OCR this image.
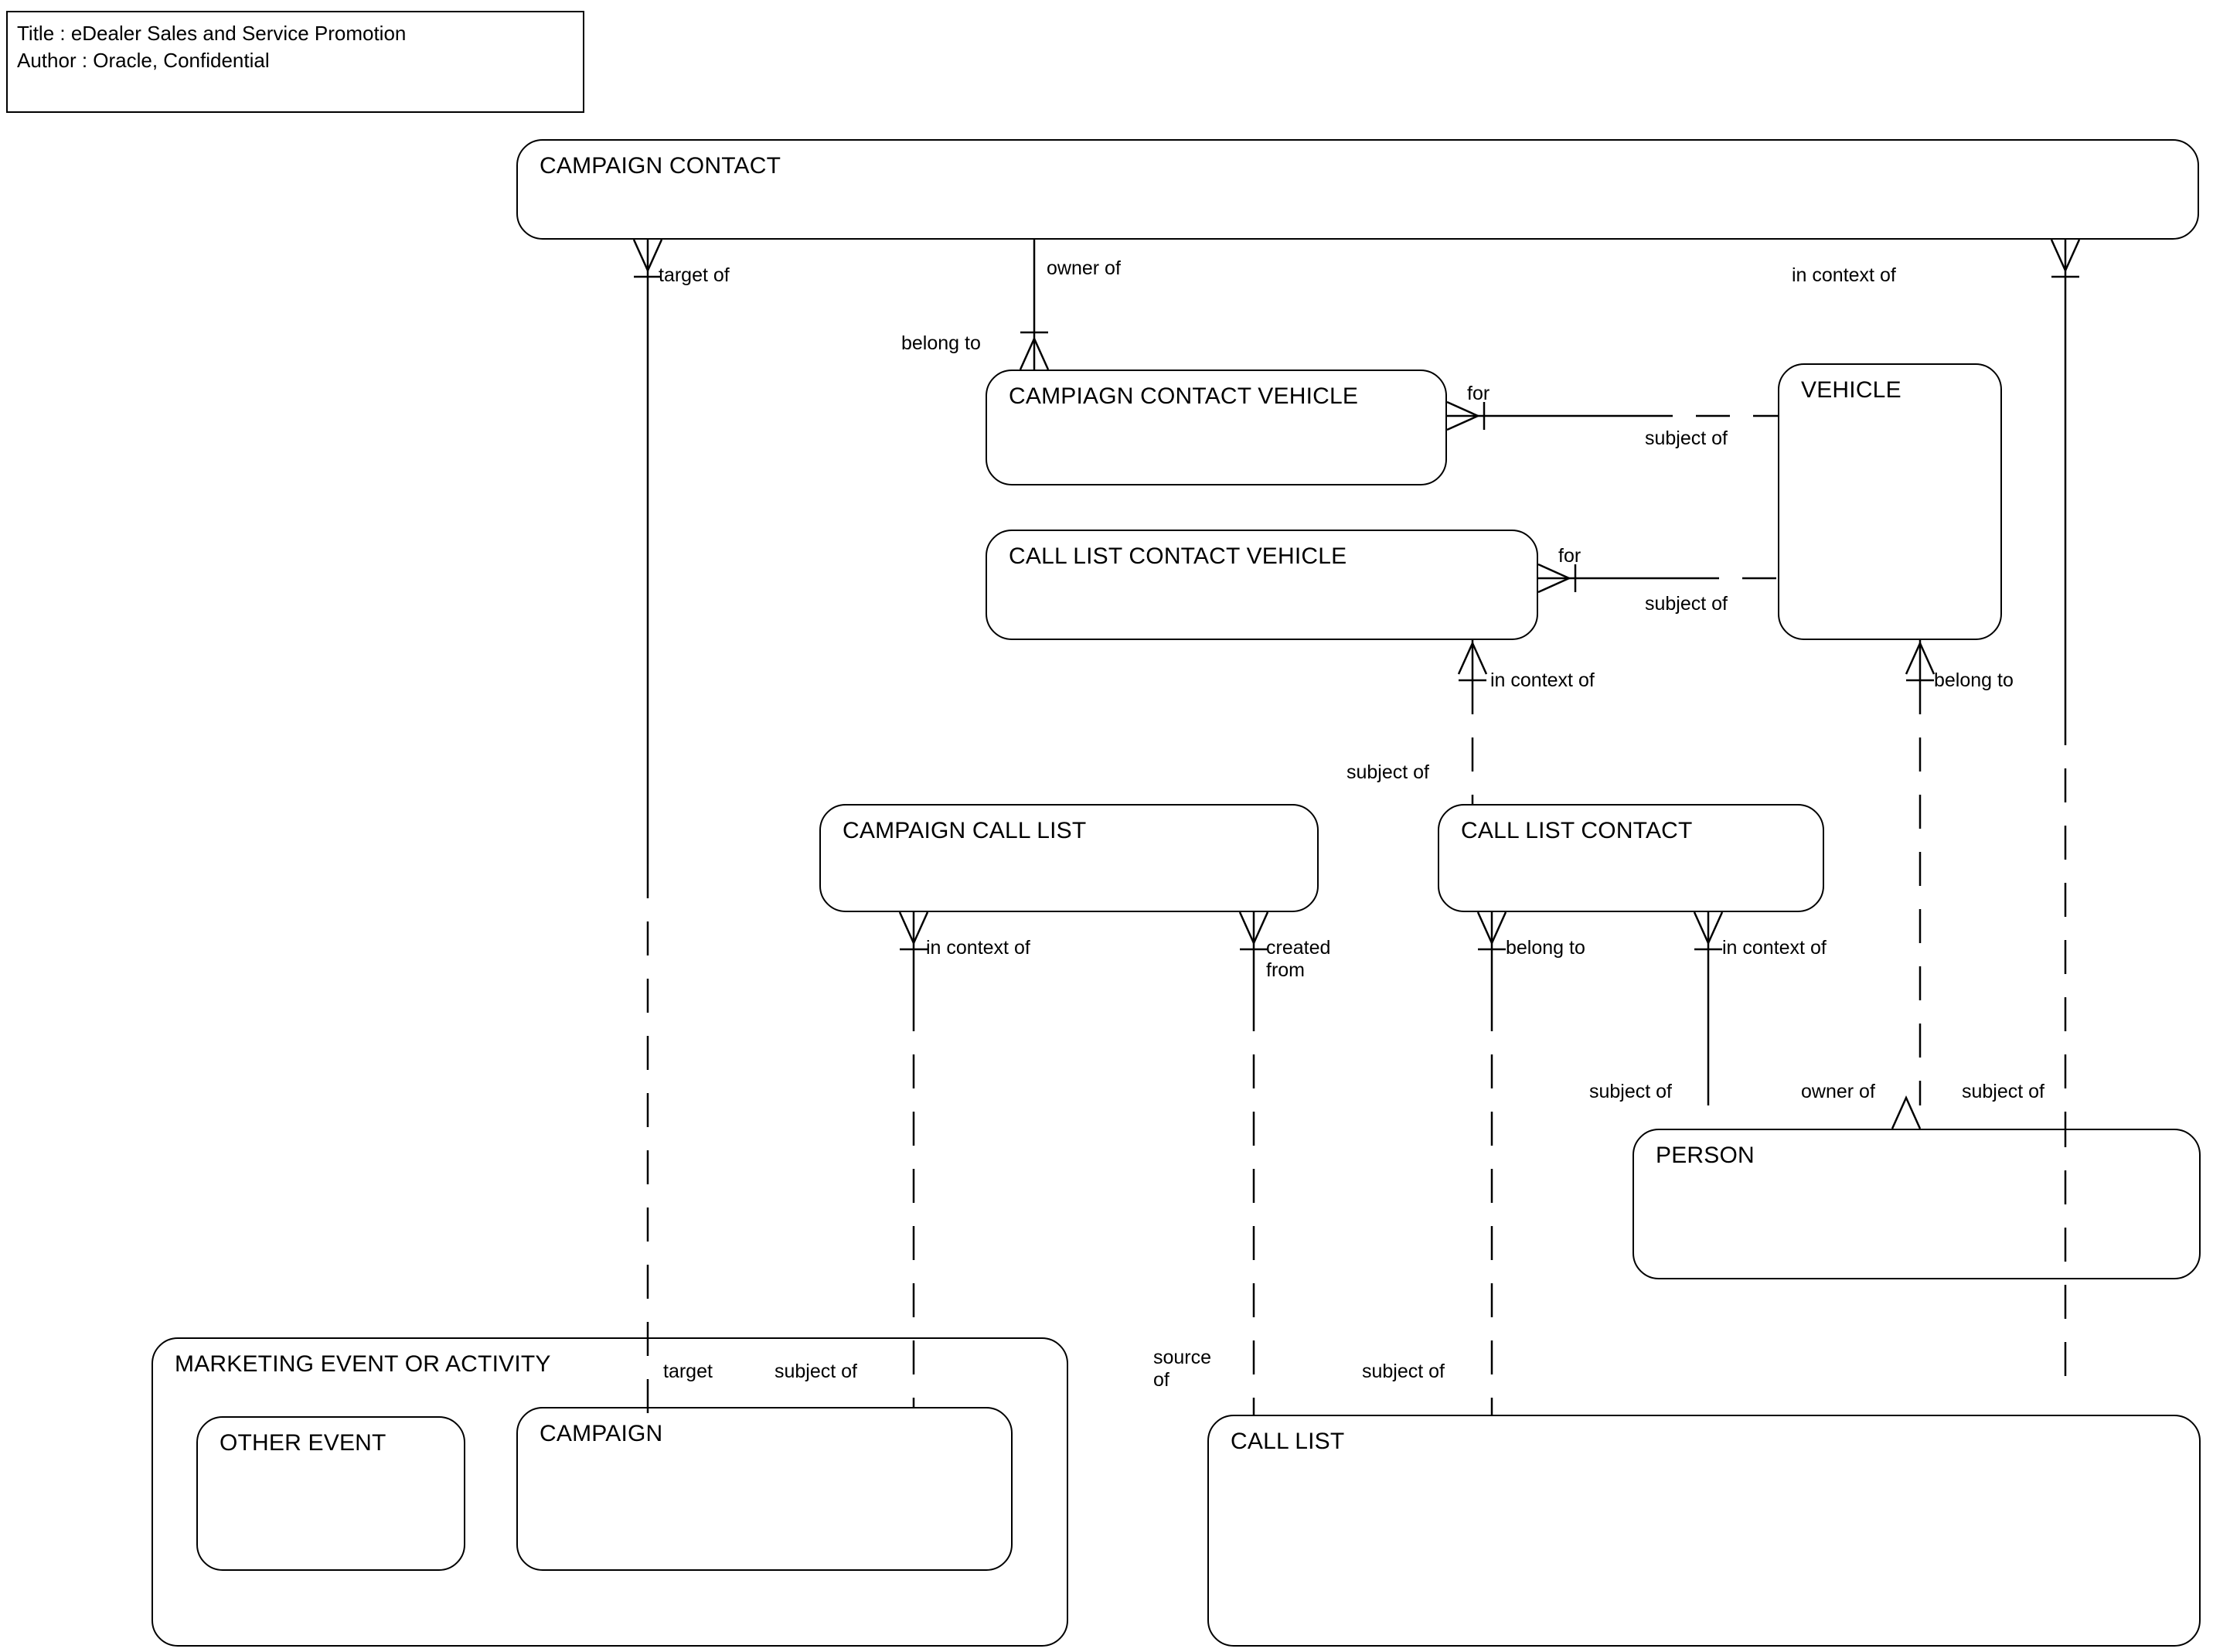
Title : eDealer Sales and Service Promotion
Author : Oracle, Confidential
CAMPAIGN CONTACT
CAMPIAGN CONTACT VEHICLE	VEHICLE
CALL LIST CONTACT VEHICLE
CAMPAIGN CALL LIST	CALL LIST CONTACT
PERSON
MARKETING EVENT OR ACTIVITY
OTHER EVENT	CAMPAIGN	CALL LIST
target of	owner of	in context of
belong to
for
subject of
for
subject of
in context of	belong to
subject of
in context of	created from
belong to	in context of
subject of	owner of	subject of
target	subject of
source of	subject of
